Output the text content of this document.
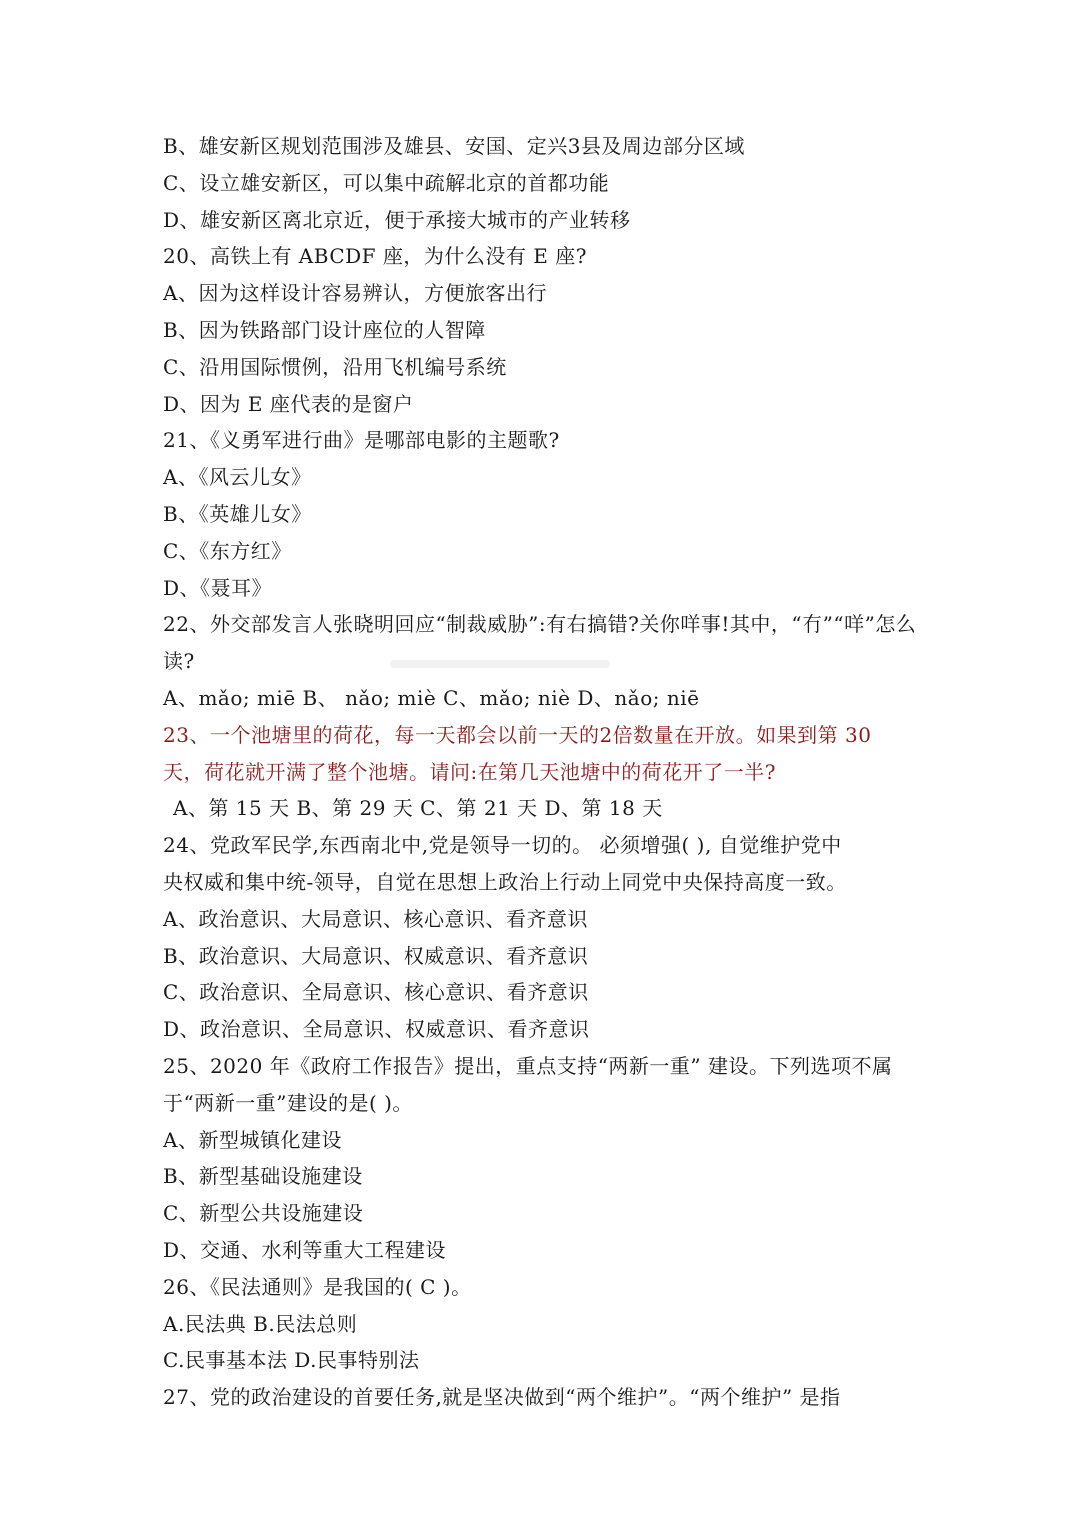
B、雄安新区规划范围涉及雄县、安国、定兴3县及周边部分区域
C、设立雄安新区，可以集中疏解北京的首都功能
D、雄安新区离北京近，便于承接大城市的产业转移
20、高铁上有 ABCDF 座，为什么没有 E 座?
A、因为这样设计容易辨认，方便旅客出行
B、因为铁路部门设计座位的人智障
C、沿用国际惯例，沿用飞机编号系统
D、因为 E 座代表的是窗户
21、《义勇军进行曲》是哪部电影的主题歌?
A、《风云儿女》
B、《英雄儿女》
C、《东方红》
D、《聂耳》
22、外交部发言人张晓明回应“制裁威胁”:有右搞错?关你咩事!其中，“冇”“咩”怎么
读?
A、mǎo; miē B、 nǎo; miè C、mǎo; niè D、nǎo; niē
23、一个池塘里的荷花，每一天都会以前一天的2倍数量在开放。如果到第 30
天，荷花就开满了整个池塘。请问:在第几天池塘中的荷花开了一半?
A、第 15 天 B、第 29 天 C、第 21 天 D、第 18 天
24、党政军民学,东西南北中,党是领导一切的。 必须增强( ), 自觉维护党中
央权威和集中统-领导，自觉在思想上政治上行动上同党中央保持高度一致。
A、政治意识、大局意识、核心意识、看齐意识
B、政治意识、大局意识、权威意识、看齐意识
C、政治意识、全局意识、核心意识、看齐意识
D、政治意识、全局意识、权威意识、看齐意识
25、2020 年《政府工作报告》提出，重点支持“两新一重” 建设。下列选项不属
于“两新一重”建设的是( )。
A、新型城镇化建设
B、新型基础设施建设
C、新型公共设施建设
D、交通、水利等重大工程建设
26、《民法通则》是我国的( C )。
A.民法典 B.民法总则
C.民事基本法 D.民事特别法
27、党的政治建设的首要任务,就是坚决做到“两个维护”。“两个维护” 是指
